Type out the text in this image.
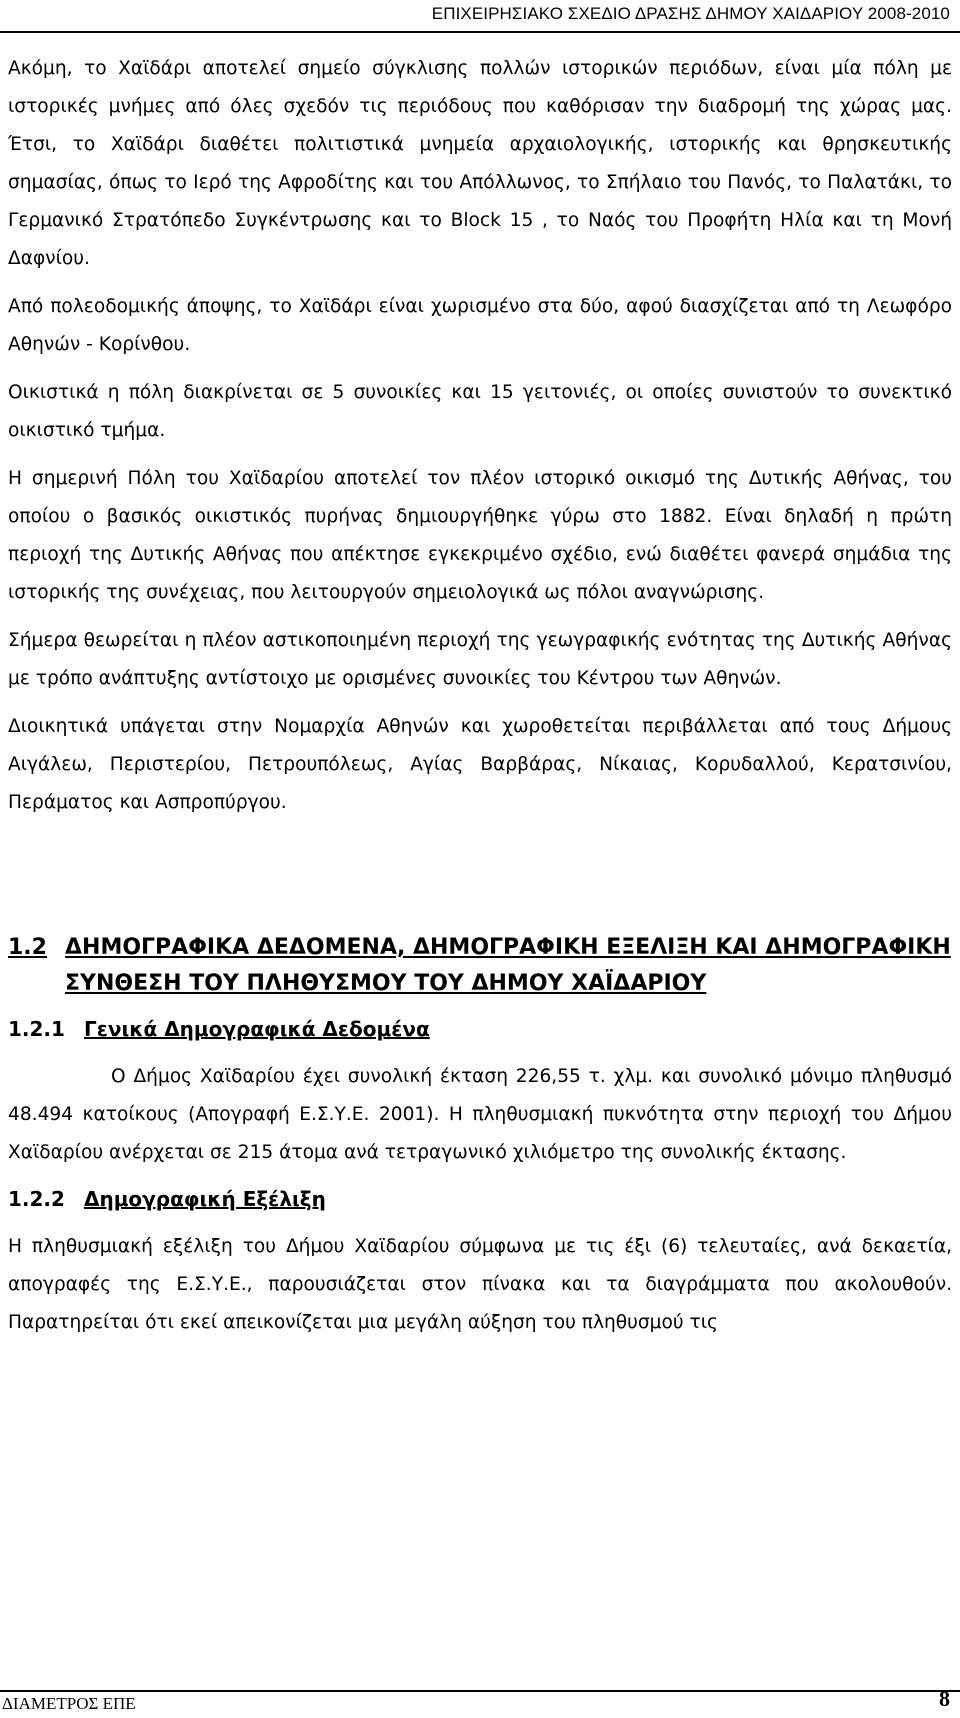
ΕΠΙΧΕΙΡΗΣΙΑΚΟ ΣΧΕΔΙΟ ΔΡΑΣΗΣ ΔΗΜΟΥ ΧΑΙΔΑΡΙΟΥ 2008-2010

Ακόμη, το Χαϊδάρι αποτελεί σημείο σύγκλισης πολλών ιστορικών περιόδων, είναι μία πόλη με ιστορικές μνήμες από όλες σχεδόν τις περιόδους που καθόρισαν την διαδρομή της χώρας μας. Έτσι, το Χαϊδάρι διαθέτει πολιτιστικά μνημεία αρχαιολογικής, ιστορικής και θρησκευτικής σημασίας, όπως το Ιερό της Αφροδίτης και του Απόλλωνος, το Σπήλαιο του Πανός, το Παλατάκι, το Γερμανικό Στρατόπεδο Συγκέντρωσης και το Block 15 , το Ναός του Προφήτη Ηλία και τη Μονή Δαφνίου.

Από πολεοδομικής άποψης, το Χαϊδάρι είναι χωρισμένο στα δύο, αφού διασχίζεται από τη Λεωφόρο Αθηνών - Κορίνθου.

Οικιστικά η πόλη διακρίνεται σε 5 συνοικίες και 15 γειτονιές, οι οποίες συνιστούν το συνεκτικό οικιστικό τμήμα.

Η σημερινή Πόλη του Χαϊδαρίου αποτελεί τον πλέον ιστορικό οικισμό της Δυτικής Αθήνας, του οποίου ο βασικός οικιστικός πυρήνας δημιουργήθηκε γύρω στο 1882. Είναι δηλαδή η πρώτη περιοχή της Δυτικής Αθήνας που απέκτησε εγκεκριμένο σχέδιο, ενώ διαθέτει φανερά σημάδια της ιστορικής της συνέχειας, που λειτουργούν σημειολογικά ως πόλοι αναγνώρισης.

Σήμερα θεωρείται η πλέον αστικοποιημένη περιοχή της γεωγραφικής ενότητας της Δυτικής Αθήνας με τρόπο ανάπτυξης αντίστοιχο με ορισμένες συνοικίες του Κέντρου των Αθηνών.

Διοικητικά υπάγεται στην Νομαρχία Αθηνών και χωροθετείται περιβάλλεται από τους Δήμους Αιγάλεω, Περιστερίου, Πετρουπόλεως, Αγίας Βαρβάρας, Νίκαιας, Κορυδαλλού, Κερατσινίου, Περάματος και Ασπροπύργου.

1.2 ΔΗΜΟΓΡΑΦΙΚΑ ΔΕΔΟΜΕΝΑ, ΔΗΜΟΓΡΑΦΙΚΗ ΕΞΕΛΙΞΗ ΚΑΙ ΔΗΜΟΓΡΑΦΙΚΗ ΣΥΝΘΕΣΗ ΤΟΥ ΠΛΗΘΥΣΜΟΥ ΤΟΥ ΔΗΜΟΥ ΧΑΪΔΑΡΙΟΥ
1.2.1 Γενικά Δημογραφικά Δεδομένα

Ο Δήμος Χαϊδαρίου έχει συνολική έκταση 226,55 τ. χλμ. και συνολικό μόνιμο πληθυσμό 48.494 κατοίκους (Απογραφή Ε.Σ.Υ.Ε. 2001). Η πληθυσμιακή πυκνότητα στην περιοχή του Δήμου Χαϊδαρίου ανέρχεται σε 215 άτομα ανά τετραγωνικό χιλιόμετρο της συνολικής έκτασης.

1.2.2 Δημογραφική Εξέλιξη

Η πληθυσμιακή εξέλιξη του Δήμου Χαϊδαρίου σύμφωνα με τις έξι (6) τελευταίες, ανά δεκαετία, απογραφές της Ε.Σ.Υ.Ε., παρουσιάζεται στον πίνακα και τα διαγράμματα που ακολουθούν. Παρατηρείται ότι εκεί απεικονίζεται μια μεγάλη αύξηση του πληθυσμού τις

ΔΙΑΜΕΤΡΟΣ ΕΠΕ	8
